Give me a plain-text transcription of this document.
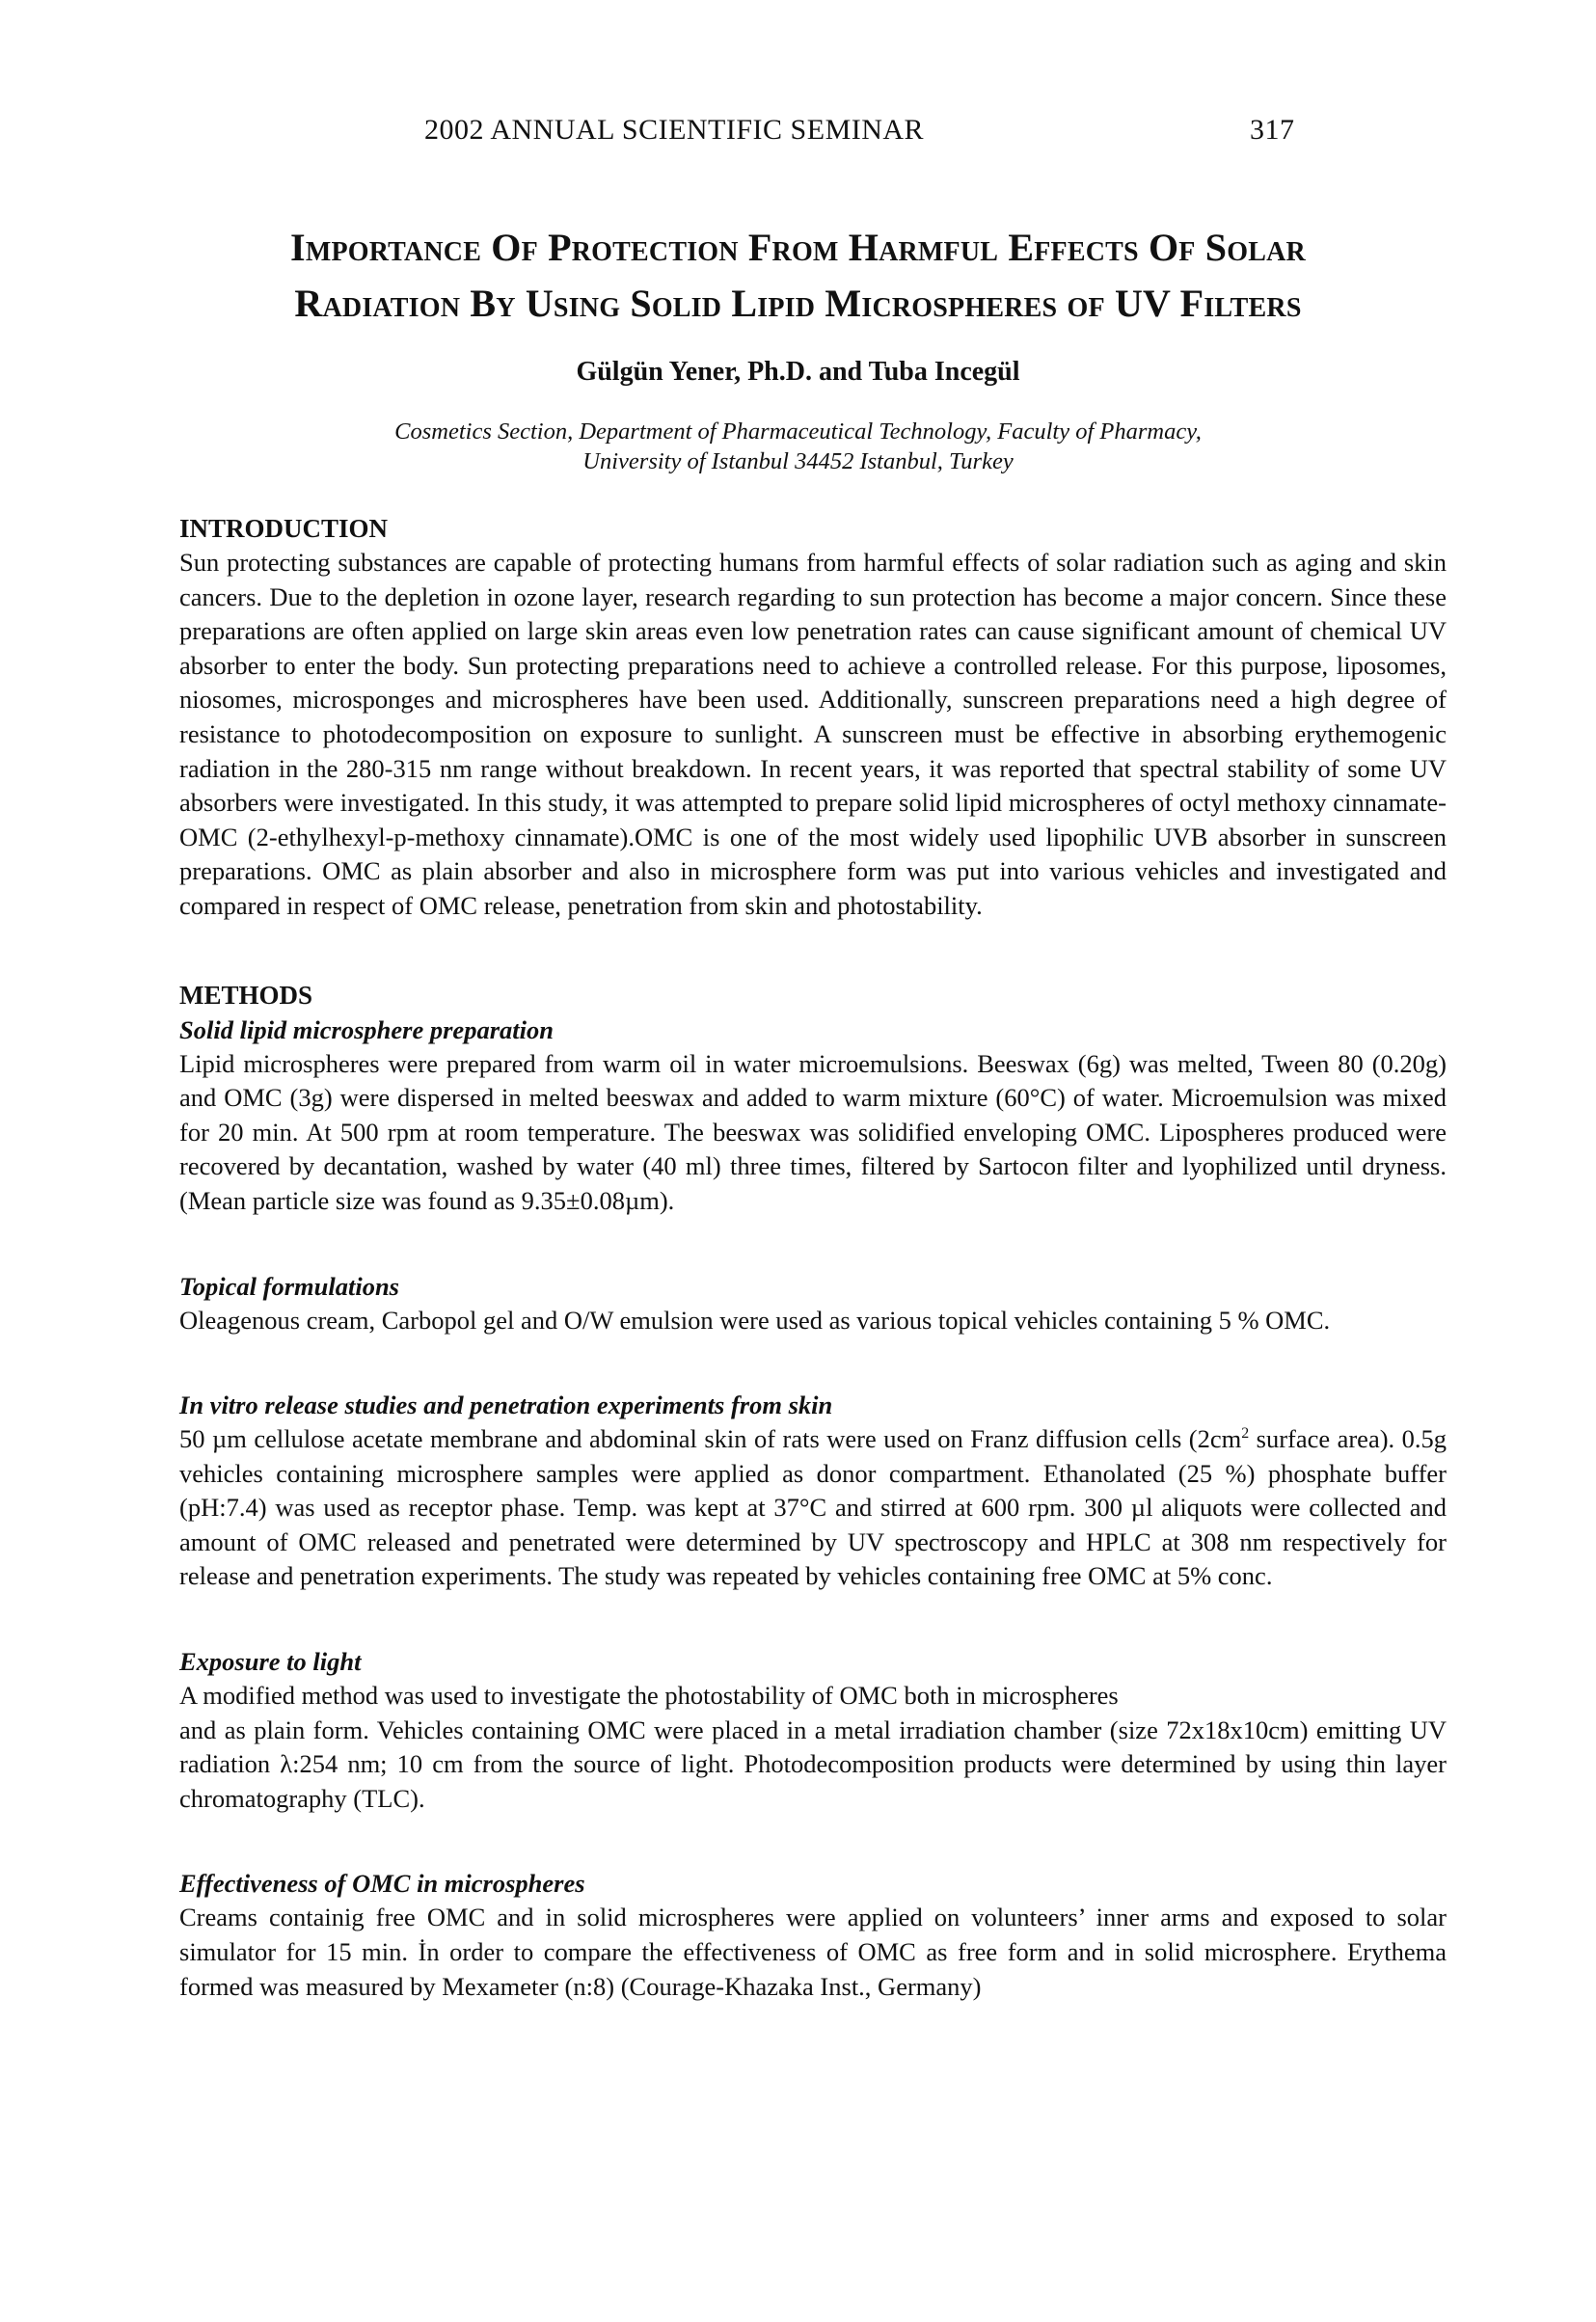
2002 ANNUAL SCIENTIFIC SEMINAR	317
Importance Of Protection From Harmful Effects Of Solar
Radiation By Using Solid Lipid Microspheres of UV Filters
Gülgün Yener, Ph.D. and Tuba Incegül
Cosmetics Section, Department of Pharmaceutical Technology, Faculty of Pharmacy,
University of Istanbul 34452 Istanbul, Turkey
INTRODUCTION

Sun protecting substances are capable of protecting humans from harmful effects of solar radiation such as aging and skin cancers. Due to the depletion in ozone layer, research regarding to sun protection has become a major concern. Since these preparations are often applied on large skin areas even low penetration rates can cause significant amount of chemical UV absorber to enter the body. Sun protecting preparations need to achieve a controlled release. For this purpose, liposomes, niosomes, microsponges and microspheres have been used. Additionally, sunscreen preparations need a high degree of resistance to photodecomposition on exposure to sunlight. A sunscreen must be effective in absorbing erythemogenic radiation in the 280-315 nm range without breakdown. In recent years, it was reported that spectral stability of some UV absorbers were investigated. In this study, it was attempted to prepare solid lipid microspheres of octyl methoxy cinnamate-OMC (2-ethylhexyl-p-methoxy cinnamate).OMC is one of the most widely used lipophilic UVB absorber in sunscreen preparations. OMC as plain absorber and also in microsphere form was put into various vehicles and investigated and compared in respect of OMC release, penetration from skin and photostability.

METHODS
Solid lipid microsphere preparation

Lipid microspheres were prepared from warm oil in water microemulsions. Beeswax (6g) was melted, Tween 80 (0.20g) and OMC (3g) were dispersed in melted beeswax and added to warm mixture (60°C) of water. Microemulsion was mixed for 20 min. At 500 rpm at room temperature. The beeswax was solidified enveloping OMC. Lipospheres produced were recovered by decantation, washed by water (40 ml) three times, filtered by Sartocon filter and lyophilized until dryness. (Mean particle size was found as 9.35±0.08µm).

Topical formulations

Oleagenous cream, Carbopol gel and O/W emulsion were used as various topical vehicles containing 5 % OMC.

In vitro release studies and penetration experiments from skin

50 µm cellulose acetate membrane and abdominal skin of rats were used on Franz diffusion cells ($2cm^2$ surface area). 0.5g vehicles containing microsphere samples were applied as donor compartment. Ethanolated (25 %) phosphate buffer (pH:7.4) was used as receptor phase. Temp. was kept at 37°C and stirred at 600 rpm. 300 µl aliquots were collected and amount of OMC released and penetrated were determined by UV spectroscopy and HPLC at 308 nm respectively for release and penetration experiments. The study was repeated by vehicles containing free OMC at 5% conc.

Exposure to light

A modified method was used to investigate the photostability of OMC both in microspheres

and as plain form. Vehicles containing OMC were placed in a metal irradiation chamber (size 72x18x10cm) emitting UV radiation λ:254 nm; 10 cm from the source of light. Photodecomposition products were determined by using thin layer chromatography (TLC).

Effectiveness of OMC in microspheres

Creams containig free OMC and in solid microspheres were applied on volunteers’ inner arms and exposed to solar simulator for 15 min. İn order to compare the effectiveness of OMC as free form and in solid microsphere. Erythema formed was measured by Mexameter (n:8) (Courage-Khazaka Inst., Germany)
